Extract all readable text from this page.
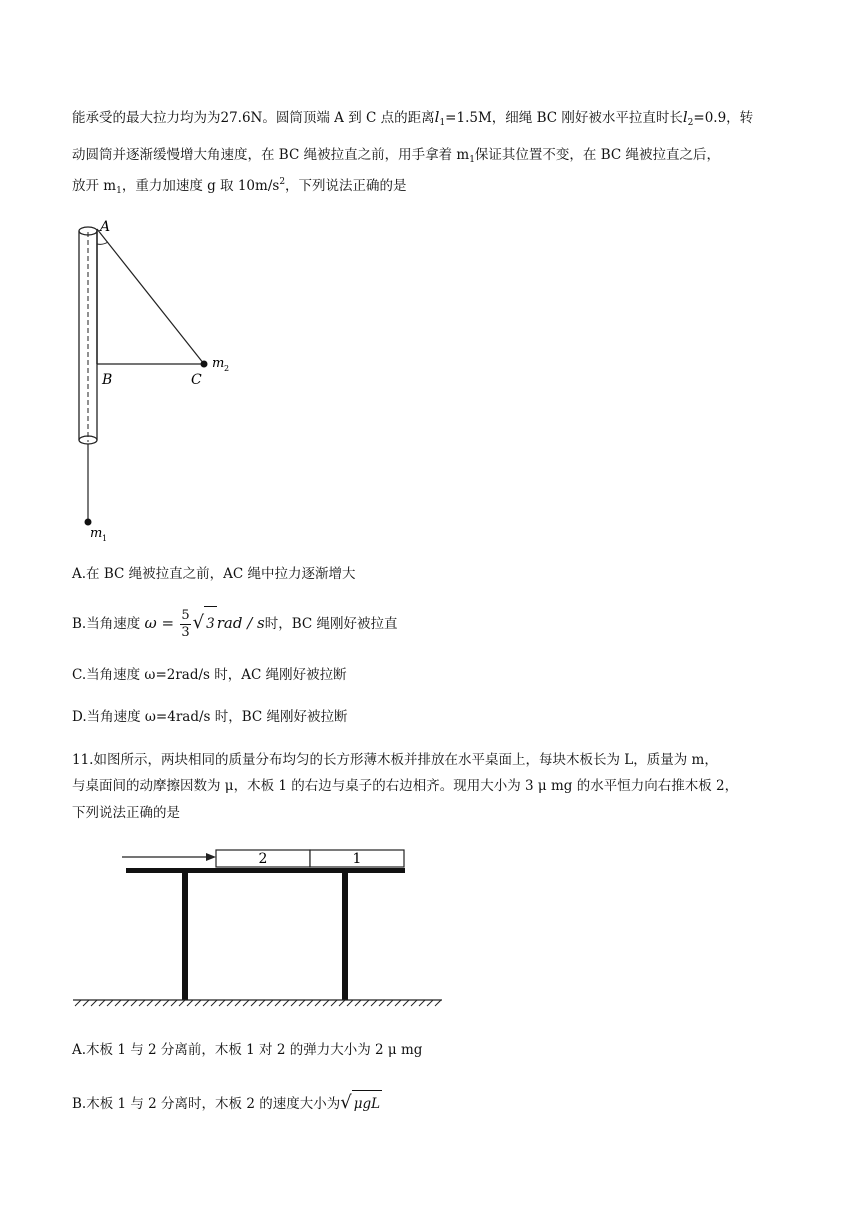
能承受的最大拉力均为为27.6N。圆筒顶端 A 到 C 点的距离$l_1=1.5M$，细绳 BC 刚好被水平拉直时长$l_2=0.9$，转
动圆筒并逐渐缓慢增大角速度，在 BC 绳被拉直之前，用手拿着 $m_1$保证其位置不变，在 BC 绳被拉直之后，
放开 $m_1$，重力加速度 g 取 $10m/s^2$，下列说法正确的是
A
B	C
m 2
m 1
A.在 BC 绳被拉直之前，AC 绳中拉力逐渐增大
B.当角速度 $\omega = \frac{5}{3}$ √ 3 rad / s时，BC 绳刚好被拉直
C.当角速度 ω=2rad/s 时，AC 绳刚好被拉断
D.当角速度 ω=4rad/s 时，BC 绳刚好被拉断
11.如图所示，两块相同的质量分布均匀的长方形薄木板并排放在水平桌面上，每块木板长为 L，质量为 m，
与桌面间的动摩擦因数为 μ，木板 1 的右边与桌子的右边相齐。现用大小为 3 μ mg 的水平恒力向右推木板 2，
下列说法正确的是
2	1
A.木板 1 与 2 分离前，木板 1 对 2 的弹力大小为 2 μ mg
B.木板 1 与 2 分离时，木板 2 的速度大小为√ μgL
